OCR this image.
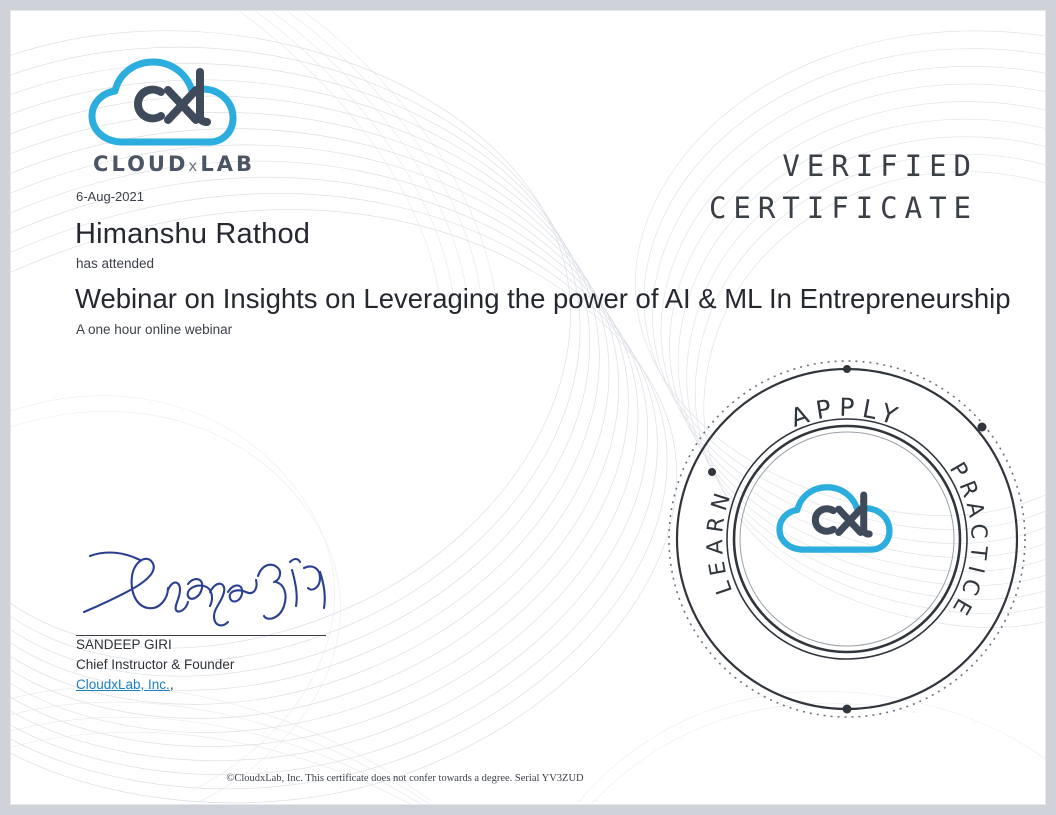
CLOUDxLAB	VERIFIED
CERTIFICATE
6-Aug-2021
Himanshu Rathod
has attended
Webinar on Insights on Leveraging the power of AI & ML In Entrepreneurship
A one hour online webinar
SANDEEP GIRI
Chief Instructor & Founder
CloudxLab, Inc.,
APPLY
PRACTICE
LEARN
©CloudxLab, Inc. This certificate does not confer towards a degree. Serial YV3ZUD
